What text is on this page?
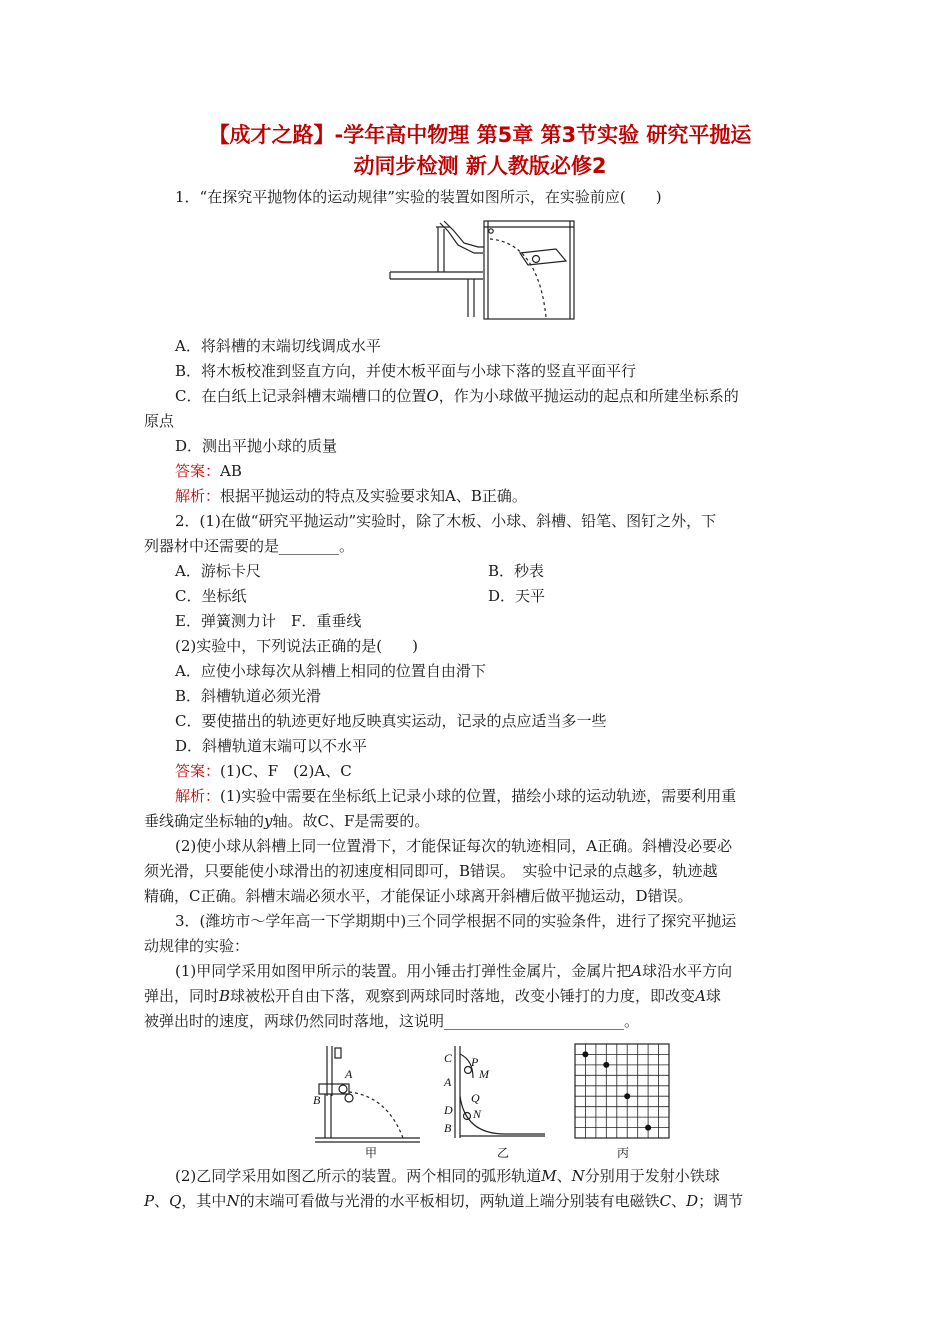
【成才之路】-学年高中物理 第5章 第3节实验 研究平抛运
动同步检测 新人教版必修2
1．“在探究平抛物体的运动规律”实验的装置如图所示，在实验前应(　　)
A．将斜槽的末端切线调成水平
B．将木板校准到竖直方向，并使木板平面与小球下落的竖直平面平行
C．在白纸上记录斜槽末端槽口的位置O，作为小球做平抛运动的起点和所建坐标系的
原点
D．测出平抛小球的质量
答案：AB
解析：根据平抛运动的特点及实验要求知A、B正确。
2．(1)在做“研究平抛运动”实验时，除了木板、小球、斜槽、铅笔、图钉之外，下
列器材中还需要的是________。
A．游标卡尺	B．秒表
C．坐标纸	D．天平
E．弹簧测力计　F．重垂线
(2)实验中，下列说法正确的是(　　)
A．应使小球每次从斜槽上相同的位置自由滑下
B．斜槽轨道必须光滑
C．要使描出的轨迹更好地反映真实运动，记录的点应适当多一些
D．斜槽轨道末端可以不水平
答案：(1)C、F　(2)A、C
解析：(1)实验中需要在坐标纸上记录小球的位置，描绘小球的运动轨迹，需要利用重
垂线确定坐标轴的y轴。故C、F是需要的。
(2)使小球从斜槽上同一位置滑下，才能保证每次的轨迹相同，A正确。斜槽没必要必
须光滑，只要能使小球滑出的初速度相同即可，B错误。　实验中记录的点越多，轨迹越
精确，C正确。斜槽末端必须水平，才能保证小球离开斜槽后做平抛运动，D错误。
3．(潍坊市～学年高一下学期期中)三个同学根据不同的实验条件，进行了探究平抛运
动规律的实验：
(1)甲同学采用如图甲所示的装置。用小锤击打弹性金属片，金属片把A球沿水平方向
弹出，同时B球被松开自由下落，观察到两球同时落地，改变小锤打的力度，即改变A球
被弹出时的速度，两球仍然同时落地，这说明________________________。
A
B
C
A
D
B
P
M
Q
N
甲	乙	丙
(2)乙同学采用如图乙所示的装置。两个相同的弧形轨道M、N分别用于发射小铁球
P、Q，其中N的末端可看做与光滑的水平板相切，两轨道上端分别装有电磁铁C、D；调节
